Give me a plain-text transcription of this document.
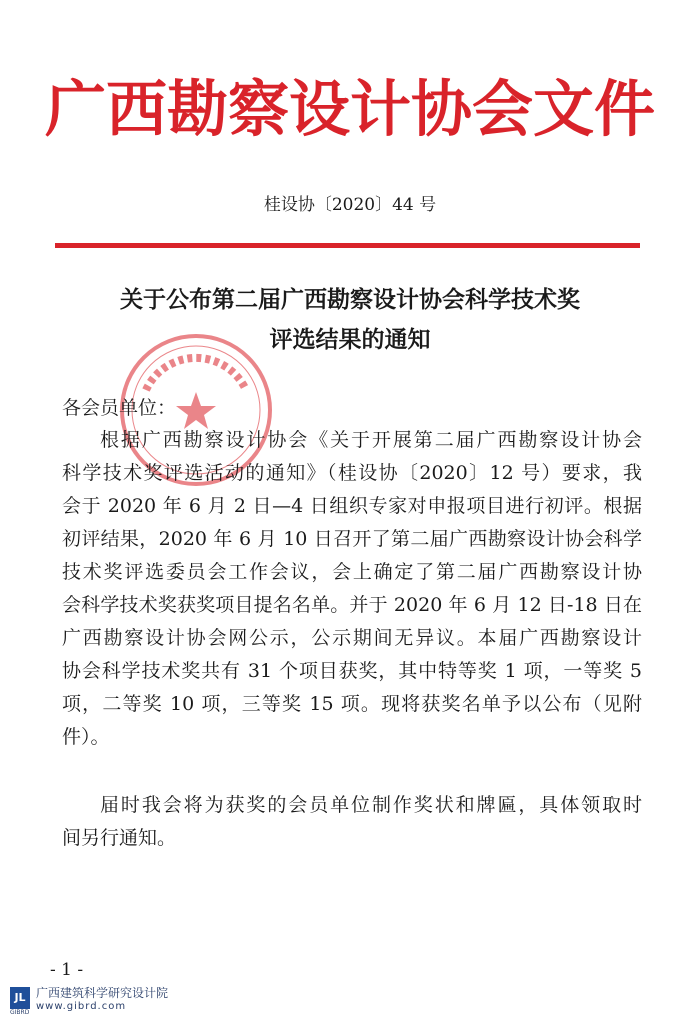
广西勘察设计协会文件
桂设协〔2020〕44 号
关于公布第二届广西勘察设计协会科学技术奖
评选结果的通知
各会员单位：
根据广西勘察设计协会《关于开展第二届广西勘察设计协会
科学技术奖评选活动的通知》（桂设协〔2020〕12 号）要求，我
会于 2020 年 6 月 2 日—4 日组织专家对申报项目进行初评。根据
初评结果，2020 年 6 月 10 日召开了第二届广西勘察设计协会科学
技术奖评选委员会工作会议，会上确定了第二届广西勘察设计协
会科学技术奖获奖项目提名名单。并于 2020 年 6 月 12 日-18 日在
广西勘察设计协会网公示，公示期间无异议。本届广西勘察设计
协会科学技术奖共有 31 个项目获奖，其中特等奖 1 项，一等奖 5
项，二等奖 10 项，三等奖 15 项。现将获奖名单予以公布（见附
件）。
届时我会将为获奖的会员单位制作奖状和牌匾，具体领取时
间另行通知。
- 1 -
JL 广西建筑科学研究设计院
www.gibrd.com
GIBRD
